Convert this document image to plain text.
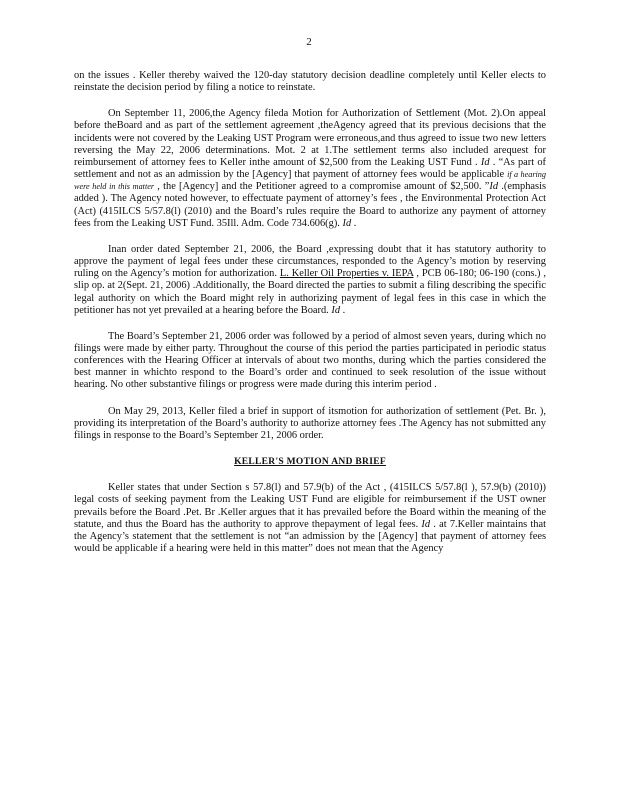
2

on the issues . Keller thereby waived the 120-day statutory decision deadline completely until Keller elects to reinstate the decision period by filing a notice to reinstate.

On September 11, 2006,the Agency fileda Motion for Authorization of Settlement (Mot. 2).On appeal before theBoard and as part of the settlement agreement ,theAgency agreed that its previous decisions that the incidents were not covered by the Leaking UST Program were erroneous,and thus agreed to issue two new letters reversing the May 22, 2006 determinations. Mot. 2 at 1.The settlement terms also included arequest for reimbursement of attorney fees to Keller inthe amount of $2,500 from the Leaking UST Fund . Id . “As part of settlement and not as an admission by the [Agency] that payment of attorney fees would be applicable if a hearing were held in this matter , the [Agency] and the Petitioner agreed to a compromise amount of $2,500. ”Id .(emphasis added ). The Agency noted however, to effectuate payment of attorney’s fees , the Environmental Protection Act (Act) (415ILCS 5/57.8(l) (2010) and the Board’s rules require the Board to authorize any payment of attorney fees from the Leaking UST Fund. 35Ill. Adm. Code 734.606(g). Id .

Inan order dated September 21, 2006, the Board ,expressing doubt that it has statutory authority to approve the payment of legal fees under these circumstances, responded to the Agency’s motion by reserving ruling on the Agency’s motion for authorization. L. Keller Oil Properties v. IEPA , PCB 06-180; 06-190 (cons.) , slip op. at 2(Sept. 21, 2006) .Additionally, the Board directed the parties to submit a filing describing the specific legal authority on which the Board might rely in authorizing payment of legal fees in this case in which the petitioner has not yet prevailed at a hearing before the Board. Id .

The Board’s September 21, 2006 order was followed by a period of almost seven years, during which no filings were made by either party. Throughout the course of this period the parties participated in periodic status conferences with the Hearing Officer at intervals of about two months, during which the parties considered the best manner in whichto respond to the Board’s order and continued to seek resolution of the issue without hearing. No other substantive filings or progress were made during this interim period .

On May 29, 2013, Keller filed a brief in support of itsmotion for authorization of settlement (Pet. Br. ), providing its interpretation of the Board’s authority to authorize attorney fees .The Agency has not submitted any filings in response to the Board’s September 21, 2006 order.

KELLER'S MOTION AND BRIEF

Keller states that under Section s 57.8(l) and 57.9(b) of the Act , (415ILCS 5/57.8(l ), 57.9(b) (2010)) legal costs of seeking payment from the Leaking UST Fund are eligible for reimbursement if the UST owner prevails before the Board .Pet. Br .Keller argues that it has prevailed before the Board within the meaning of the statute, and thus the Board has the authority to approve thepayment of legal fees. Id . at 7.Keller maintains that the Agency’s statement that the settlement is not “an admission by the [Agency] that payment of attorney fees would be applicable if a hearing were held in this matter” does not mean that the Agency
